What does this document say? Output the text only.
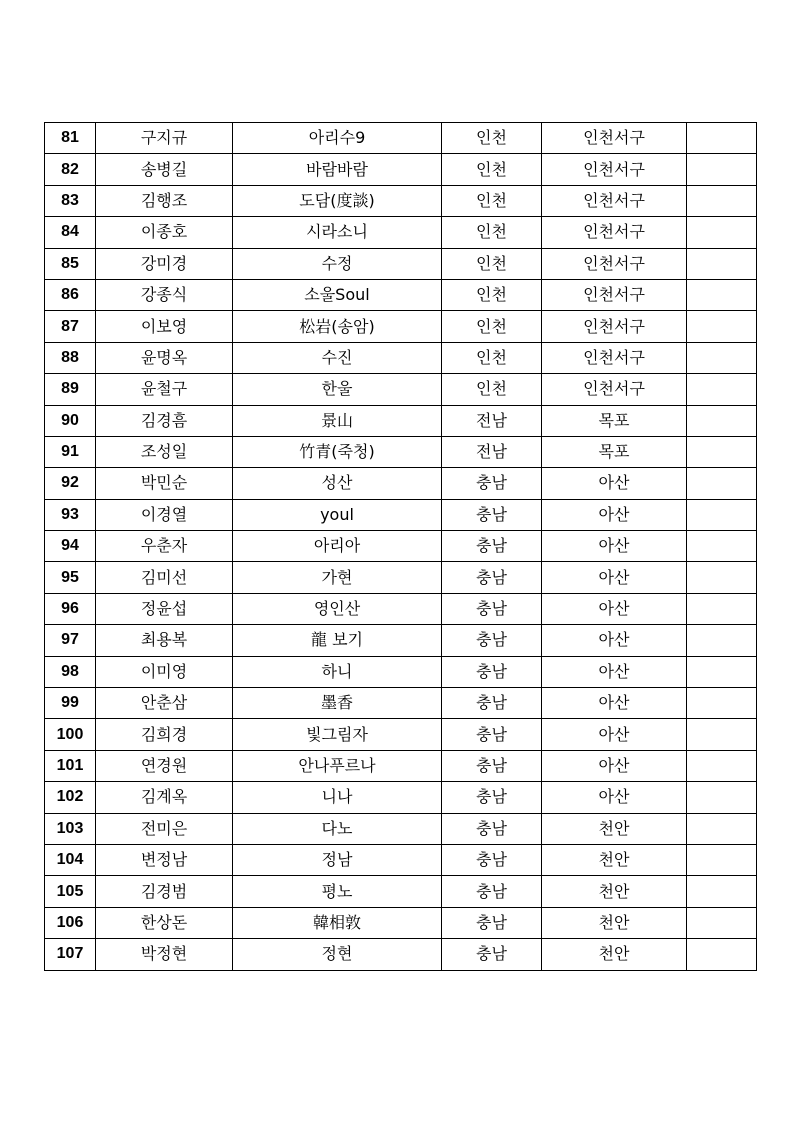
81	구지규	아리수9	인천	인천서구	
82	송병길	바람바람	인천	인천서구	
83	김행조	도담(度談)	인천	인천서구	
84	이종호	시라소니	인천	인천서구	
85	강미경	수정	인천	인천서구	
86	강종식	소울Soul	인천	인천서구	
87	이보영	松岩(송암)	인천	인천서구	
88	윤명옥	수진	인천	인천서구	
89	윤철구	한울	인천	인천서구	
90	김경흠	景山	전남	목포	
91	조성일	竹青(죽청)	전남	목포	
92	박민순	성산	충남	아산	
93	이경열	youl	충남	아산	
94	우춘자	아리아	충남	아산	
95	김미선	가현	충남	아산	
96	정윤섭	영인산	충남	아산	
97	최용복	龍 보기	충남	아산	
98	이미영	하니	충남	아산	
99	안춘삼	墨香	충남	아산	
100	김희경	빛그림자	충남	아산	
101	연경원	안나푸르나	충남	아산	
102	김계옥	니나	충남	아산	
103	전미은	다노	충남	천안	
104	변정남	정남	충남	천안	
105	김경범	평노	충남	천안	
106	한상돈	韓相敦	충남	천안	
107	박정현	정현	충남	천안	
